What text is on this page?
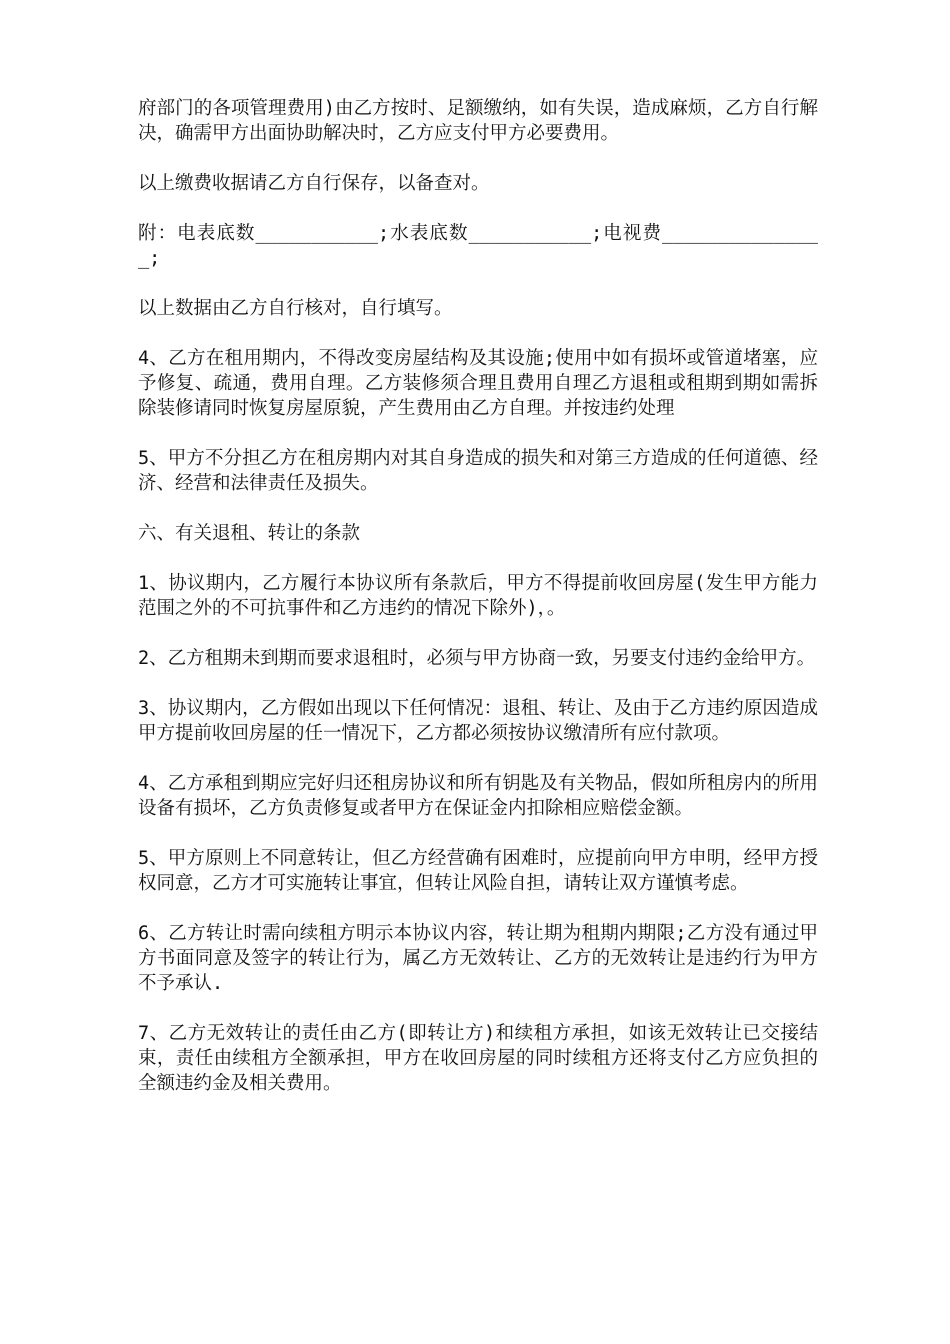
府部门的各项管理费用)由乙方按时、足额缴纳，如有失误，造成麻烦，乙方自行解决，确需甲方出面协助解决时，乙方应支付甲方必要费用。

以上缴费收据请乙方自行保存，以备查对。

附：电表底数___________;水表底数___________;电视费_______________;

以上数据由乙方自行核对，自行填写。

4、乙方在租用期内，不得改变房屋结构及其设施;使用中如有损坏或管道堵塞，应予修复、疏通，费用自理。乙方装修须合理且费用自理乙方退租或租期到期如需拆除装修请同时恢复房屋原貌，产生费用由乙方自理。并按违约处理

5、甲方不分担乙方在租房期内对其自身造成的损失和对第三方造成的任何道德、经济、经营和法律责任及损失。

六、有关退租、转让的条款

1、协议期内，乙方履行本协议所有条款后，甲方不得提前收回房屋(发生甲方能力范围之外的不可抗事件和乙方违约的情况下除外)，。

2、乙方租期未到期而要求退租时，必须与甲方协商一致，另要支付违约金给甲方。

3、协议期内，乙方假如出现以下任何情况：退租、转让、及由于乙方违约原因造成甲方提前收回房屋的任一情况下，乙方都必须按协议缴清所有应付款项。

4、乙方承租到期应完好归还租房协议和所有钥匙及有关物品，假如所租房内的所用设备有损坏，乙方负责修复或者甲方在保证金内扣除相应赔偿金额。

5、甲方原则上不同意转让，但乙方经营确有困难时，应提前向甲方申明，经甲方授权同意，乙方才可实施转让事宜，但转让风险自担，请转让双方谨慎考虑。

6、乙方转让时需向续租方明示本协议内容，转让期为租期内期限;乙方没有通过甲方书面同意及签字的转让行为，属乙方无效转让、乙方的无效转让是违约行为甲方不予承认.

7、乙方无效转让的责任由乙方(即转让方)和续租方承担，如该无效转让已交接结束，责任由续租方全额承担，甲方在收回房屋的同时续租方还将支付乙方应负担的全额违约金及相关费用。
